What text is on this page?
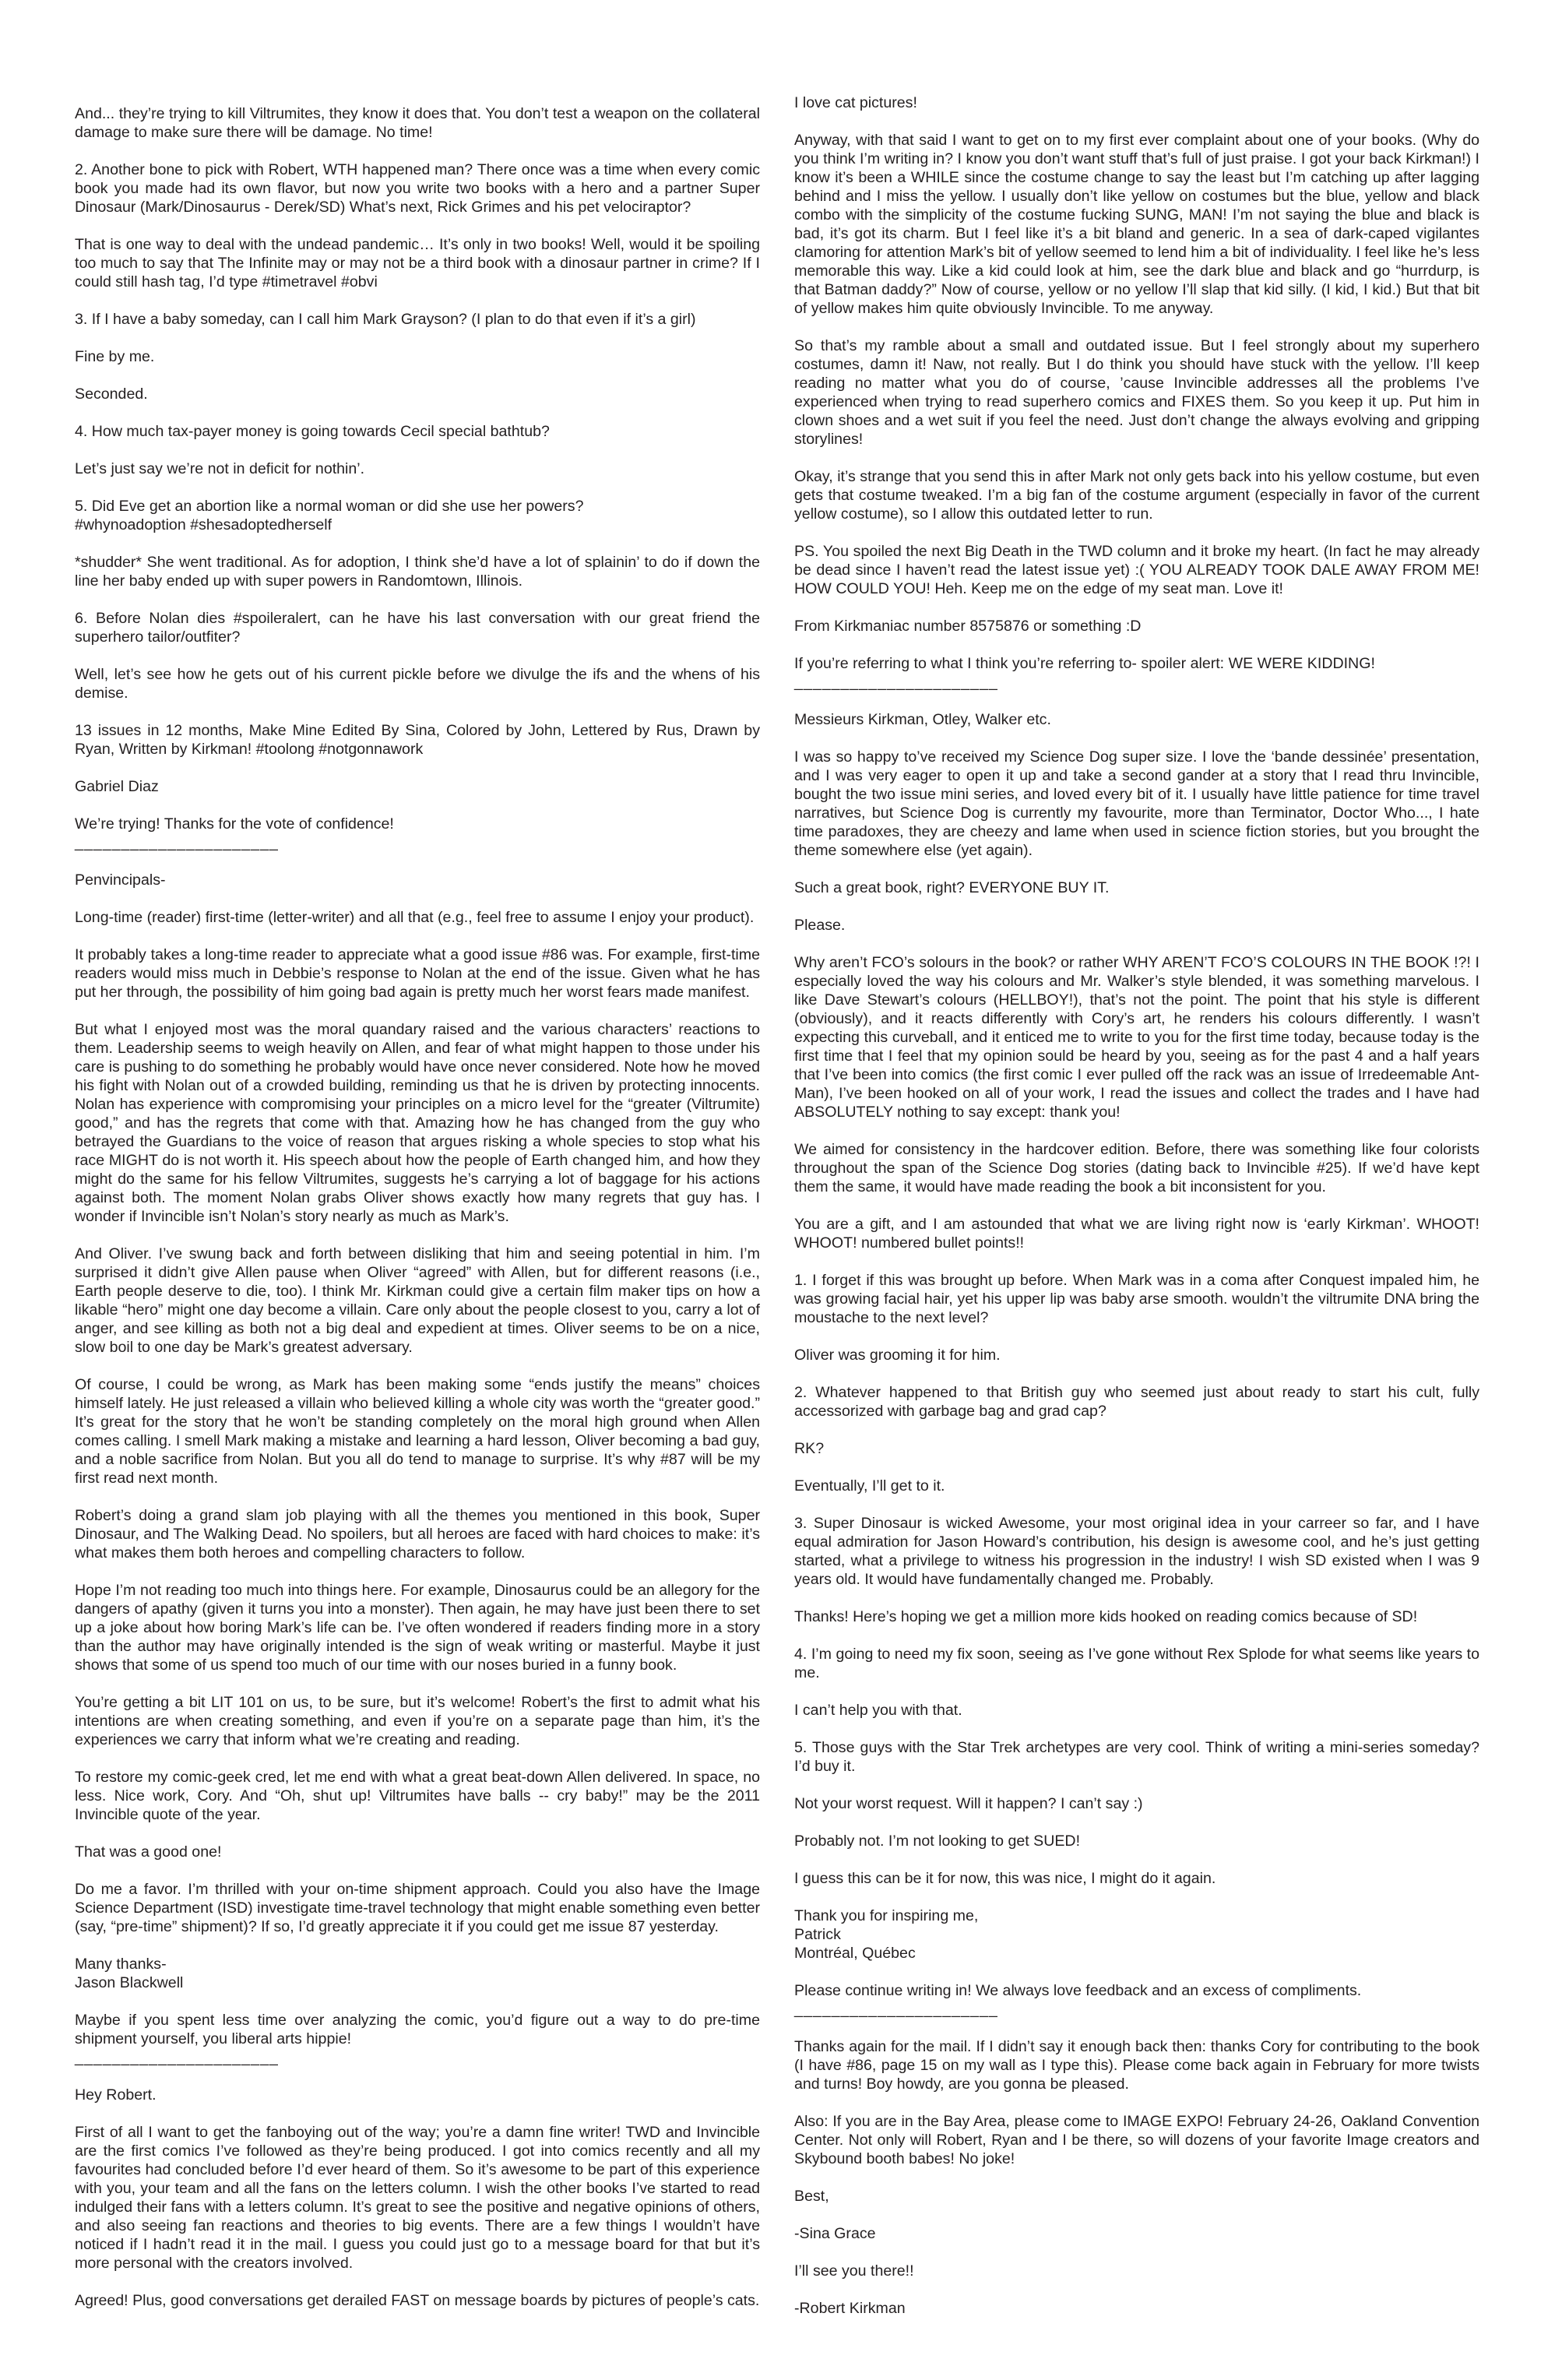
And... they’re trying to kill Viltrumites, they know it does that. You don’t test a weapon on the collateral damage to make sure there will be damage. No time!

2. Another bone to pick with Robert, WTH happened man? There once was a time when every comic book you made had its own flavor, but now you write two books with a hero and a partner Super Dinosaur (Mark/Dinosaurus - Derek/SD) What’s next, Rick Grimes and his pet velociraptor?

That is one way to deal with the undead pandemic… It’s only in two books! Well, would it be spoiling too much to say that The Infinite may or may not be a third book with a dinosaur partner in crime? If I could still hash tag, I’d type #timetravel #obvi

3. If I have a baby someday, can I call him Mark Grayson? (I plan to do that even if it’s a girl)

Fine by me.

Seconded.

4. How much tax-payer money is going towards Cecil special bathtub?

Let’s just say we’re not in deficit for nothin’.

5. Did Eve get an abortion like a normal woman or did she use her powers?
#whynoadoption #shesadoptedherself

*shudder* She went traditional. As for adoption, I think she’d have a lot of splainin’ to do if down the line her baby ended up with super powers in Randomtown, Illinois.

6. Before Nolan dies #spoileralert, can he have his last conversation with our great friend the superhero tailor/outfiter?

Well, let’s see how he gets out of his current pickle before we divulge the ifs and the whens of his demise.

13 issues in 12 months, Make Mine Edited By Sina, Colored by John, Lettered by Rus, Drawn by Ryan, Written by Kirkman! #toolong #notgonnawork

Gabriel Diaz

We’re trying! Thanks for the vote of confidence!

______________________

Penvincipals-

Long-time (reader) first-time (letter-writer) and all that (e.g., feel free to assume I enjoy your product).

It probably takes a long-time reader to appreciate what a good issue #86 was. For example, first-time readers would miss much in Debbie’s response to Nolan at the end of the issue. Given what he has put her through, the possibility of him going bad again is pretty much her worst fears made manifest.

But what I enjoyed most was the moral quandary raised and the various characters’ reactions to them. Leadership seems to weigh heavily on Allen, and fear of what might happen to those under his care is pushing to do something he probably would have once never considered. Note how he moved his fight with Nolan out of a crowded building, reminding us that he is driven by protecting innocents. Nolan has experience with compromising your principles on a micro level for the “greater (Viltrumite) good,” and has the regrets that come with that. Amazing how he has changed from the guy who betrayed the Guardians to the voice of reason that argues risking a whole species to stop what his race MIGHT do is not worth it. His speech about how the people of Earth changed him, and how they might do the same for his fellow Viltrumites, suggests he’s carrying a lot of baggage for his actions against both. The moment Nolan grabs Oliver shows exactly how many regrets that guy has. I wonder if Invincible isn’t Nolan’s story nearly as much as Mark’s.

And Oliver. I’ve swung back and forth between disliking that him and seeing potential in him. I’m surprised it didn’t give Allen pause when Oliver “agreed” with Allen, but for different reasons (i.e., Earth people deserve to die, too). I think Mr. Kirkman could give a certain film maker tips on how a likable “hero” might one day become a villain. Care only about the people closest to you, carry a lot of anger, and see killing as both not a big deal and expedient at times. Oliver seems to be on a nice, slow boil to one day be Mark’s greatest adversary.

Of course, I could be wrong, as Mark has been making some “ends justify the means” choices himself lately. He just released a villain who believed killing a whole city was worth the “greater good.” It’s great for the story that he won’t be standing completely on the moral high ground when Allen comes calling. I smell Mark making a mistake and learning a hard lesson, Oliver becoming a bad guy, and a noble sacrifice from Nolan. But you all do tend to manage to surprise. It’s why #87 will be my first read next month.

Robert’s doing a grand slam job playing with all the themes you mentioned in this book, Super Dinosaur, and The Walking Dead. No spoilers, but all heroes are faced with hard choices to make: it’s what makes them both heroes and compelling characters to follow.

Hope I’m not reading too much into things here. For example, Dinosaurus could be an allegory for the dangers of apathy (given it turns you into a monster). Then again, he may have just been there to set up a joke about how boring Mark’s life can be. I’ve often wondered if readers finding more in a story than the author may have originally intended is the sign of weak writing or masterful. Maybe it just shows that some of us spend too much of our time with our noses buried in a funny book.

You’re getting a bit LIT 101 on us, to be sure, but it’s welcome! Robert’s the first to admit what his intentions are when creating something, and even if you’re on a separate page than him, it’s the experiences we carry that inform what we’re creating and reading.

To restore my comic-geek cred, let me end with what a great beat-down Allen delivered. In space, no less. Nice work, Cory. And “Oh, shut up! Viltrumites have balls -- cry baby!” may be the 2011 Invincible quote of the year.

That was a good one!

Do me a favor. I’m thrilled with your on-time shipment approach. Could you also have the Image Science Department (ISD) investigate time-travel technology that might enable something even better (say, “pre-time” shipment)? If so, I’d greatly appreciate it if you could get me issue 87 yesterday.

Many thanks-
Jason Blackwell

Maybe if you spent less time over analyzing the comic, you’d figure out a way to do pre-time shipment yourself, you liberal arts hippie!

______________________

Hey Robert.

First of all I want to get the fanboying out of the way; you’re a damn fine writer! TWD and Invincible are the first comics I’ve followed as they’re being produced. I got into comics recently and all my favourites had concluded before I’d ever heard of them. So it’s awesome to be part of this experience with you, your team and all the fans on the letters column. I wish the other books I’ve started to read indulged their fans with a letters column. It’s great to see the positive and negative opinions of others, and also seeing fan reactions and theories to big events. There are a few things I wouldn’t have noticed if I hadn’t read it in the mail. I guess you could just go to a message board for that but it’s more personal with the creators involved.

Agreed! Plus, good conversations get derailed FAST on message boards by pictures of people’s cats.

I love cat pictures!

Anyway, with that said I want to get on to my first ever complaint about one of your books. (Why do you think I’m writing in? I know you don’t want stuff that’s full of just praise. I got your back Kirkman!) I know it’s been a WHILE since the costume change to say the least but I’m catching up after lagging behind and I miss the yellow. I usually don’t like yellow on costumes but the blue, yellow and black combo with the simplicity of the costume fucking SUNG, MAN! I’m not saying the blue and black is bad, it’s got its charm. But I feel like it’s a bit bland and generic. In a sea of dark-caped vigilantes clamoring for attention Mark’s bit of yellow seemed to lend him a bit of individuality. I feel like he’s less memorable this way. Like a kid could look at him, see the dark blue and black and go “hurrdurp, is that Batman daddy?” Now of course, yellow or no yellow I’ll slap that kid silly. (I kid, I kid.) But that bit of yellow makes him quite obviously Invincible. To me anyway.

So that’s my ramble about a small and outdated issue. But I feel strongly about my superhero costumes, damn it! Naw, not really. But I do think you should have stuck with the yellow. I’ll keep reading no matter what you do of course, ’cause Invincible addresses all the problems I’ve experienced when trying to read superhero comics and FIXES them. So you keep it up. Put him in clown shoes and a wet suit if you feel the need. Just don’t change the always evolving and gripping storylines!

Okay, it’s strange that you send this in after Mark not only gets back into his yellow costume, but even gets that costume tweaked. I’m a big fan of the costume argument (especially in favor of the current yellow costume), so I allow this outdated letter to run.

PS. You spoiled the next Big Death in the TWD column and it broke my heart. (In fact he may already be dead since I haven’t read the latest issue yet) :( YOU ALREADY TOOK DALE AWAY FROM ME! HOW COULD YOU! Heh. Keep me on the edge of my seat man. Love it!

From Kirkmaniac number 8575876 or something :D

If you’re referring to what I think you’re referring to- spoiler alert: WE WERE KIDDING!

______________________

Messieurs Kirkman, Otley, Walker etc.

I was so happy to’ve received my Science Dog super size. I love the ‘bande dessinée’ presentation, and I was very eager to open it up and take a second gander at a story that I read thru Invincible, bought the two issue mini series, and loved every bit of it. I usually have little patience for time travel narratives, but Science Dog is currently my favourite, more than Terminator, Doctor Who..., I hate time paradoxes, they are cheezy and lame when used in science fiction stories, but you brought the theme somewhere else (yet again).

Such a great book, right? EVERYONE BUY IT.

Please.

Why aren’t FCO’s solours in the book? or rather WHY AREN’T FCO’S COLOURS IN THE BOOK !?! I especially loved the way his colours and Mr. Walker’s style blended, it was something marvelous. I like Dave Stewart’s colours (HELLBOY!), that’s not the point. The point that his style is different (obviously), and it reacts differently with Cory’s art, he renders his colours differently. I wasn’t expecting this curveball, and it enticed me to write to you for the first time today, because today is the first time that I feel that my opinion sould be heard by you, seeing as for the past 4 and a half years that I’ve been into comics (the first comic I ever pulled off the rack was an issue of Irredeemable Ant-Man), I’ve been hooked on all of your work, I read the issues and collect the trades and I have had ABSOLUTELY nothing to say except: thank you!

We aimed for consistency in the hardcover edition. Before, there was something like four colorists throughout the span of the Science Dog stories (dating back to Invincible #25). If we’d have kept them the same, it would have made reading the book a bit inconsistent for you.

You are a gift, and I am astounded that what we are living right now is ‘early Kirkman’. WHOOT! WHOOT! numbered bullet points!!

1. I forget if this was brought up before. When Mark was in a coma after Conquest impaled him, he was growing facial hair, yet his upper lip was baby arse smooth. wouldn’t the viltrumite DNA bring the moustache to the next level?

Oliver was grooming it for him.

2. Whatever happened to that British guy who seemed just about ready to start his cult, fully accessorized with garbage bag and grad cap?

RK?

Eventually, I’ll get to it.

3. Super Dinosaur is wicked Awesome, your most original idea in your carreer so far, and I have equal admiration for Jason Howard’s contribution, his design is awesome cool, and he’s just getting started, what a privilege to witness his progression in the industry! I wish SD existed when I was 9 years old. It would have fundamentally changed me. Probably.

Thanks! Here’s hoping we get a million more kids hooked on reading comics because of SD!

4. I’m going to need my fix soon, seeing as I’ve gone without Rex Splode for what seems like years to me.

I can’t help you with that.

5. Those guys with the Star Trek archetypes are very cool. Think of writing a mini-series someday? I’d buy it.

Not your worst request. Will it happen? I can’t say :)

Probably not. I’m not looking to get SUED!

I guess this can be it for now, this was nice, I might do it again.

Thank you for inspiring me,
Patrick
Montréal, Québec

Please continue writing in! We always love feedback and an excess of compliments.

______________________

Thanks again for the mail. If I didn’t say it enough back then: thanks Cory for contributing to the book (I have #86, page 15 on my wall as I type this). Please come back again in February for more twists and turns! Boy howdy, are you gonna be pleased.

Also: If you are in the Bay Area, please come to IMAGE EXPO! February 24-26, Oakland Convention Center. Not only will Robert, Ryan and I be there, so will dozens of your favorite Image creators and Skybound booth babes! No joke!

Best,

-Sina Grace

I’ll see you there!!

-Robert Kirkman
